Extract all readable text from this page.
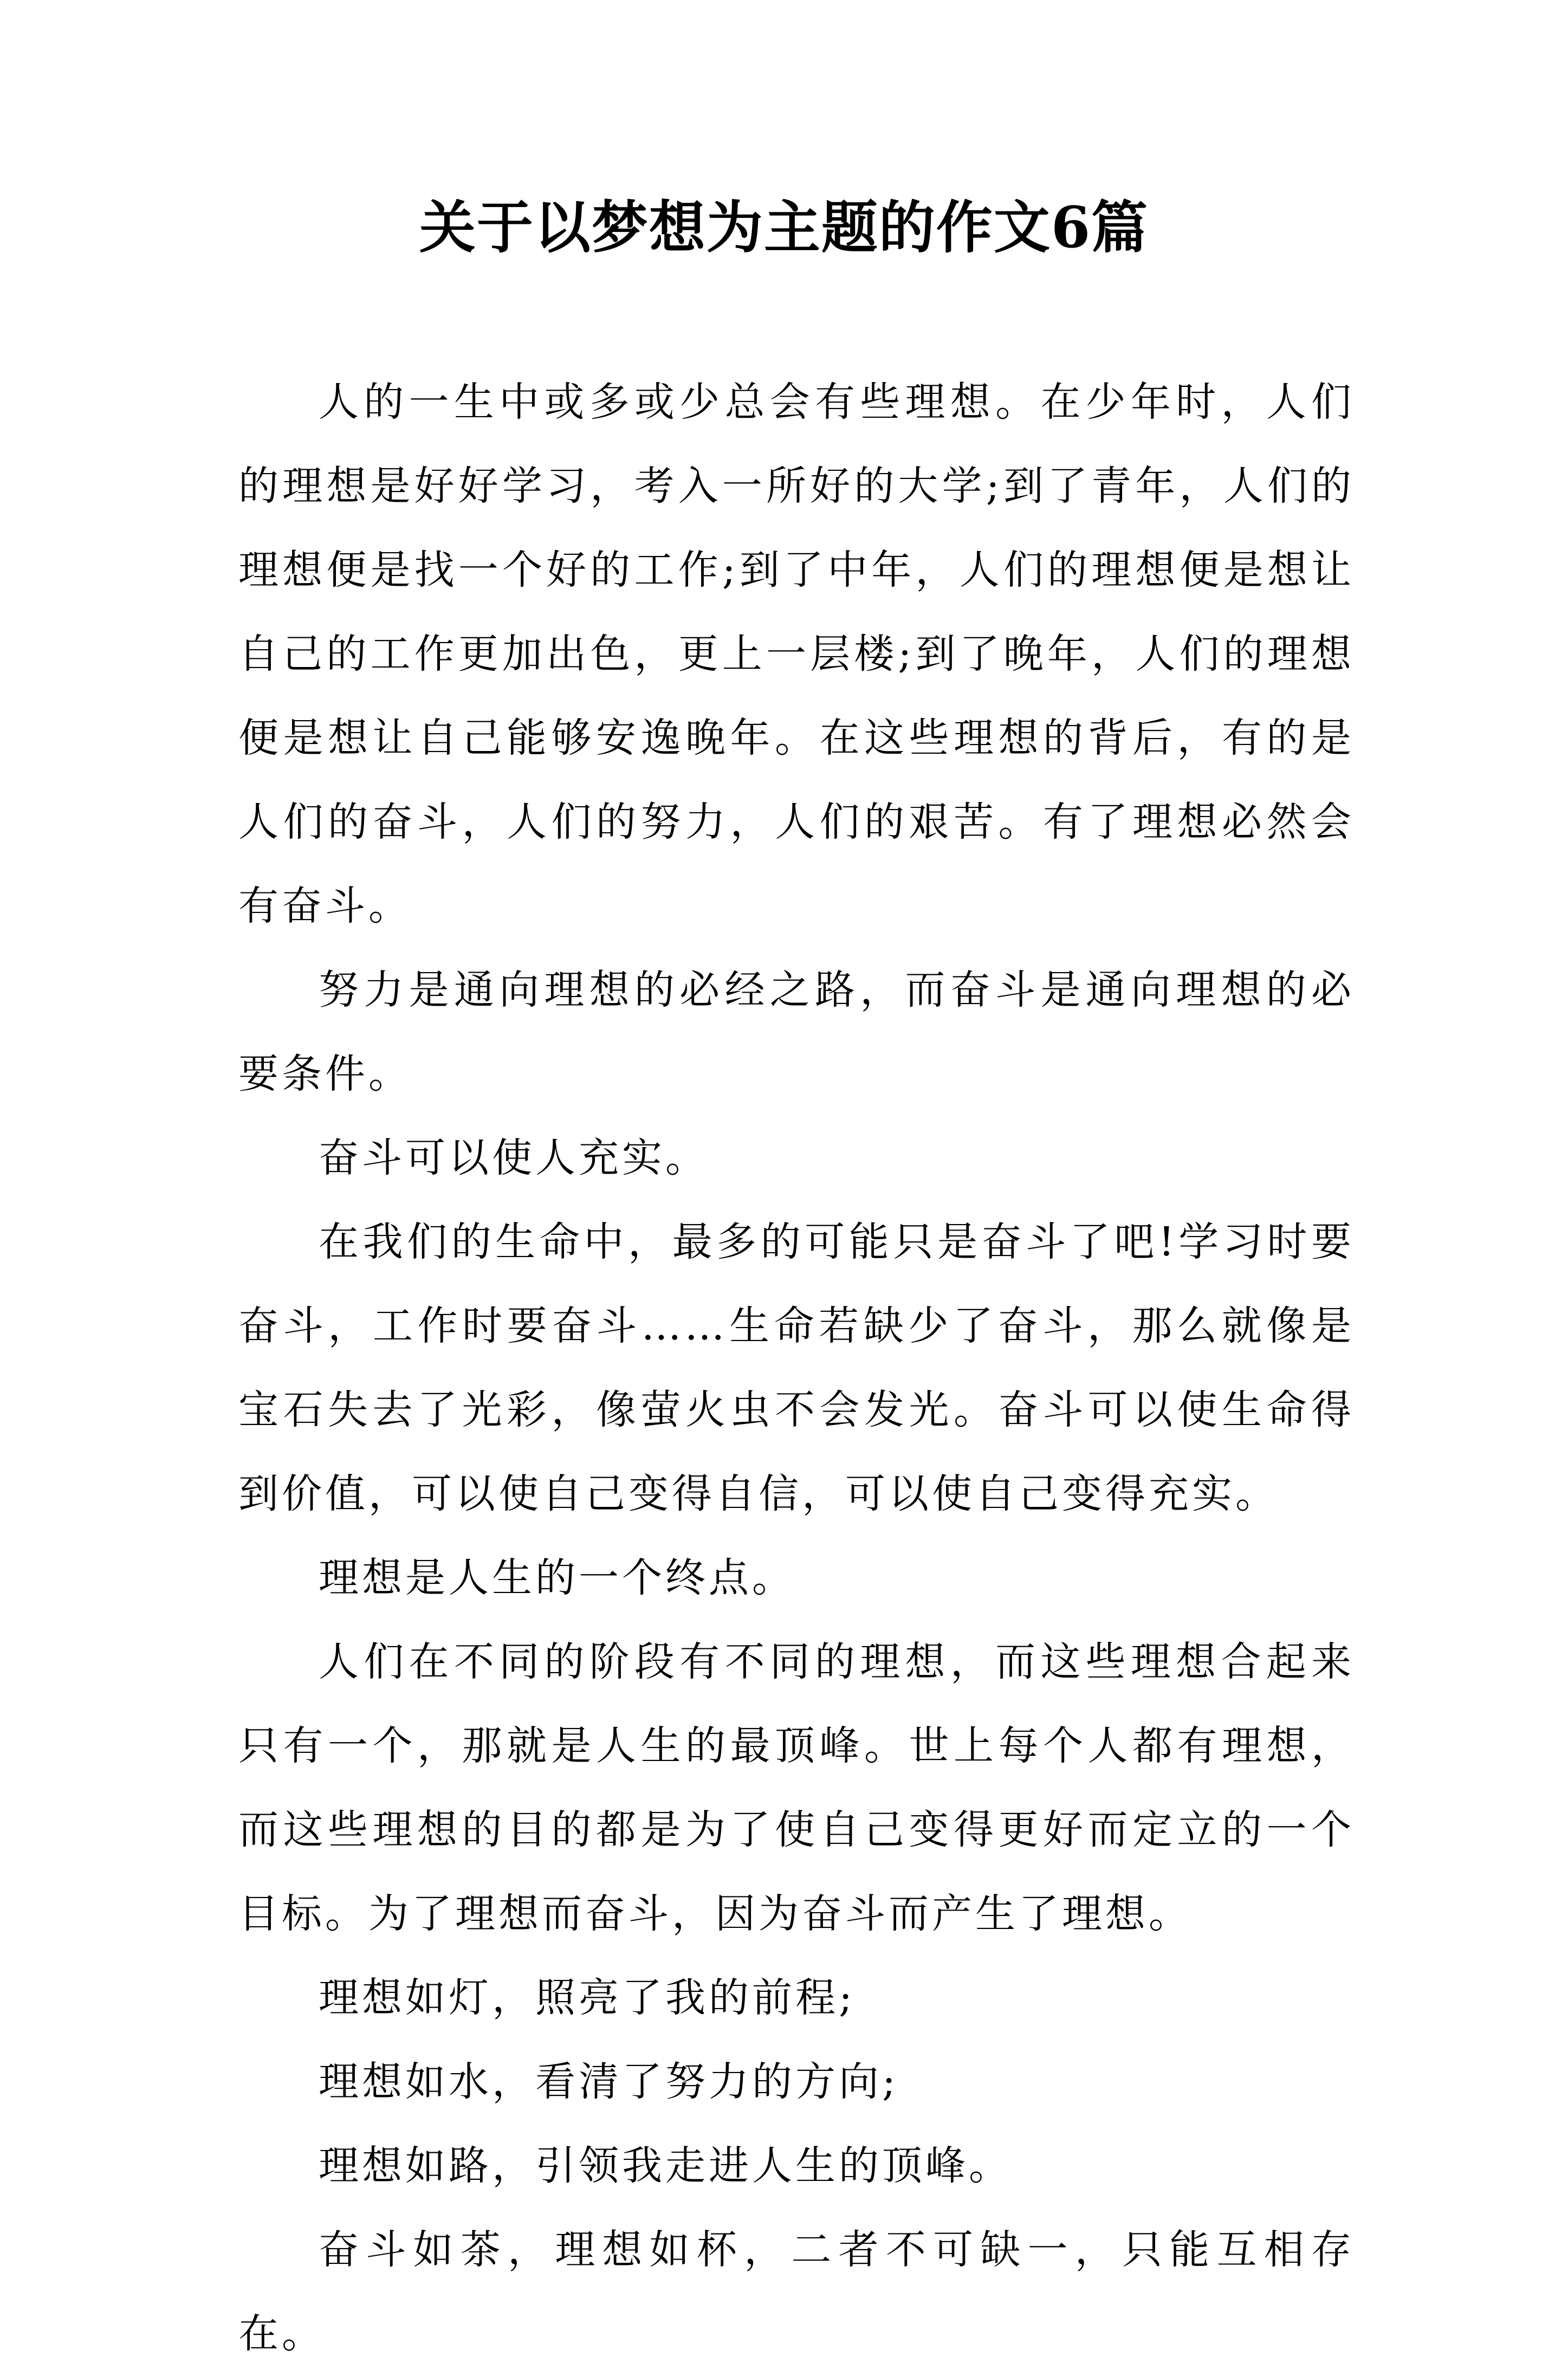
关于以梦想为主题的作文6篇

人的一生中或多或少总会有些理想。在少年时，人们的理想是好好学习，考入一所好的大学;到了青年，人们的理想便是找一个好的工作;到了中年，人们的理想便是想让自己的工作更加出色，更上一层楼;到了晚年，人们的理想便是想让自己能够安逸晚年。在这些理想的背后，有的是人们的奋斗，人们的努力，人们的艰苦。有了理想必然会有奋斗。

努力是通向理想的必经之路，而奋斗是通向理想的必要条件。

奋斗可以使人充实。

在我们的生命中，最多的可能只是奋斗了吧!学习时要奋斗，工作时要奋斗……生命若缺少了奋斗，那么就像是宝石失去了光彩，像萤火虫不会发光。奋斗可以使生命得到价值，可以使自己变得自信，可以使自己变得充实。

理想是人生的一个终点。

人们在不同的阶段有不同的理想，而这些理想合起来只有一个，那就是人生的最顶峰。世上每个人都有理想，而这些理想的目的都是为了使自己变得更好而定立的一个目标。为了理想而奋斗，因为奋斗而产生了理想。

理想如灯，照亮了我的前程;

理想如水，看清了努力的方向;

理想如路，引领我走进人生的顶峰。

奋斗如茶，理想如杯，二者不可缺一，只能互相存在。
